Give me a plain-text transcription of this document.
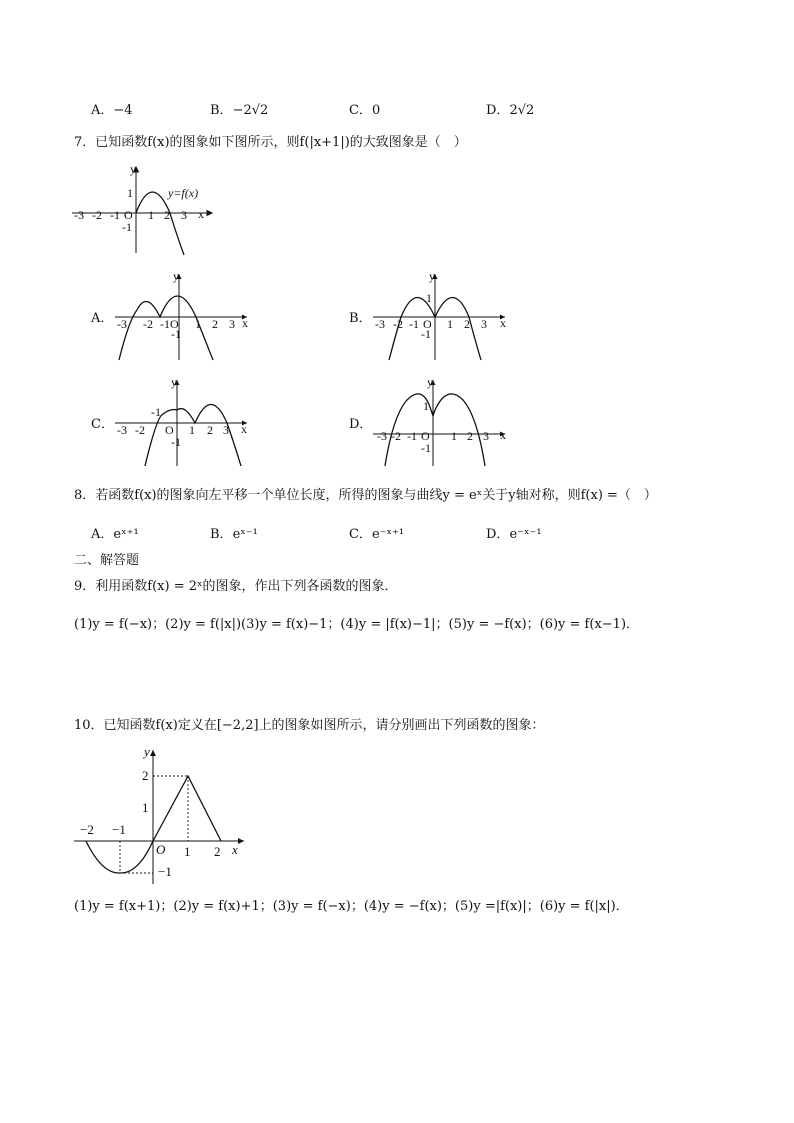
A．−4	B．−2√2	C．0	D．2√2
7．已知函数f(x)的图象如下图所示，则f(|x+1|)的大致图象是（　）
y
x
-3 -2 -1 O 1 2 3
1
-1
y=f(x)
A．
y
x
-3 -2 -1 O 1 2 3
-1
B．
y
x
-3 -2 -1 O 1 2 3
1
-1
C．
y
x
-3 -2 O 1 2 3
-1
-1
D．
y
x
-3 -2 -1 O 1 2 3
1
-1
8．若函数f(x)的图象向左平移一个单位长度，所得的图象与曲线y = eˣ关于y轴对称，则f(x) =（　）
A．eˣ⁺¹	B．eˣ⁻¹	C．e⁻ˣ⁺¹	D．e⁻ˣ⁻¹
二、解答题
9．利用函数f(x) = 2ˣ的图象，作出下列各函数的图象．
(1)y = f(−x)；(2)y = f(|x|)(3)y = f(x)−1；(4)y = |f(x)−1|；(5)y = −f(x)；(6)y = f(x−1)．
10．已知函数f(x)定义在[−2,2]上的图象如图所示，请分别画出下列函数的图象：
y
x
O
−2 −1
1 2
2
1
−1
(1)y = f(x+1)；(2)y = f(x)+1；(3)y = f(−x)；(4)y = −f(x)；(5)y =|f(x)|；(6)y = f(|x|)．
